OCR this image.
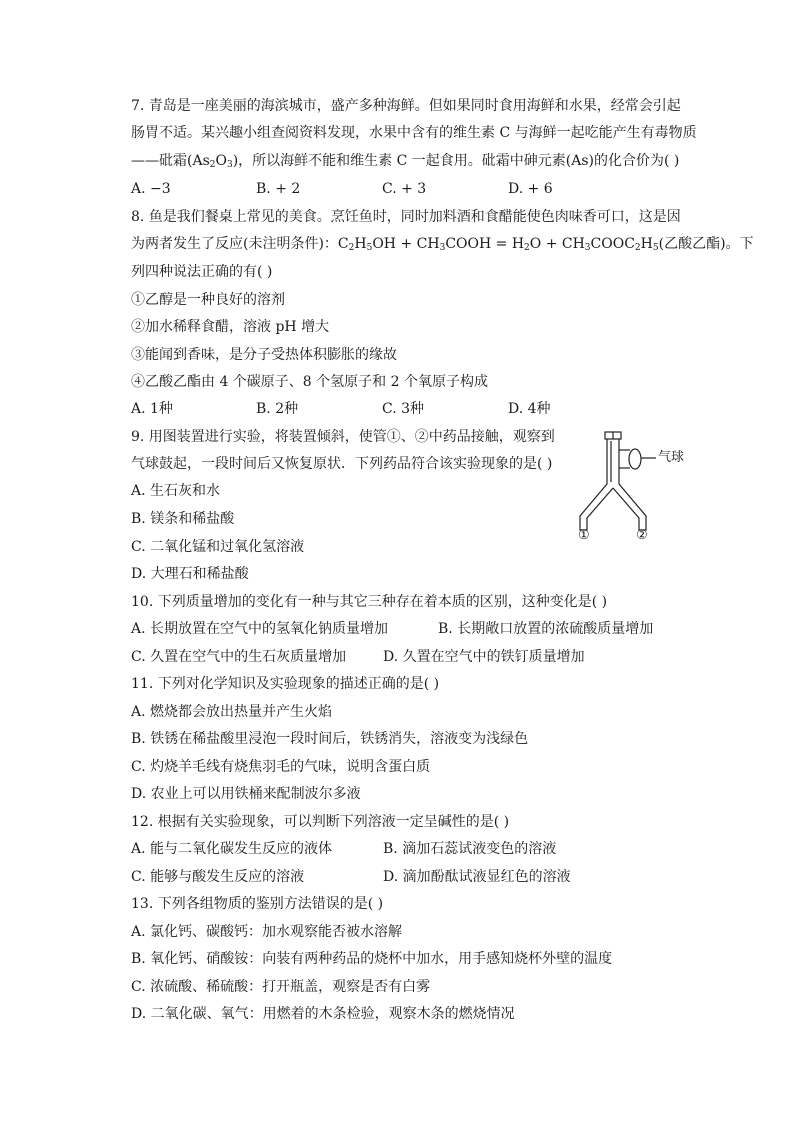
7. 青岛是一座美丽的海滨城市，盛产多种海鲜。但如果同时食用海鲜和水果，经常会引起
肠胃不适。某兴趣小组查阅资料发现，水果中含有的维生素 C 与海鲜一起吃能产生有毒物质
——砒霜$(As_2O_3)$，所以海鲜不能和维生素 C 一起食用。砒霜中砷元素(As)的化合价为( )
A. −3	B. + 2	C. + 3	D. + 6
8. 鱼是我们餐桌上常见的美食。烹饪鱼时，同时加料酒和食醋能使色肉味香可口，这是因
为两者发生了反应(未注明条件)：$C_2H_5OH$ + $CH_3COOH = H_2O$ + $CH_3COOC_2H_5$(乙酸乙酯)。下
列四种说法正确的有( )
①乙醇是一种良好的溶剂
②加水稀释食醋，溶液 pH 增大
③能闻到香味，是分子受热体积膨胀的缘故
④乙酸乙酯由 4 个碳原子、8 个氢原子和 2 个氧原子构成
A. 1种	B. 2种	C. 3种	D. 4种
9. 用图装置进行实验，将装置倾斜，使管①、②中药品接触，观察到
气球鼓起，一段时间后又恢复原状．下列药品符合该实验现象的是( )
A. 生石灰和水
B. 镁条和稀盐酸
C. 二氧化锰和过氧化氢溶液
D. 大理石和稀盐酸
气球
①	②
10. 下列质量增加的变化有一种与其它三种存在着本质的区别，这种变化是( )
A. 长期放置在空气中的氢氧化钠质量增加	B. 长期敞口放置的浓硫酸质量增加
C. 久置在空气中的生石灰质量增加	D. 久置在空气中的铁钉质量增加
11. 下列对化学知识及实验现象的描述正确的是( )
A. 燃烧都会放出热量并产生火焰
B. 铁锈在稀盐酸里浸泡一段时间后，铁锈消失，溶液变为浅绿色
C. 灼烧羊毛线有烧焦羽毛的气味，说明含蛋白质
D. 农业上可以用铁桶来配制波尔多液
12. 根据有关实验现象，可以判断下列溶液一定呈碱性的是( )
A. 能与二氧化碳发生反应的液体	B. 滴加石蕊试液变色的溶液
C. 能够与酸发生反应的溶液	D. 滴加酚酞试液显红色的溶液
13. 下列各组物质的鉴别方法错误的是( )
A. 氯化钙、碳酸钙：加水观察能否被水溶解
B. 氧化钙、硝酸铵：向装有两种药品的烧杯中加水，用手感知烧杯外壁的温度
C. 浓硫酸、稀硫酸：打开瓶盖，观察是否有白雾
D. 二氧化碳、氧气：用燃着的木条检验，观察木条的燃烧情况
